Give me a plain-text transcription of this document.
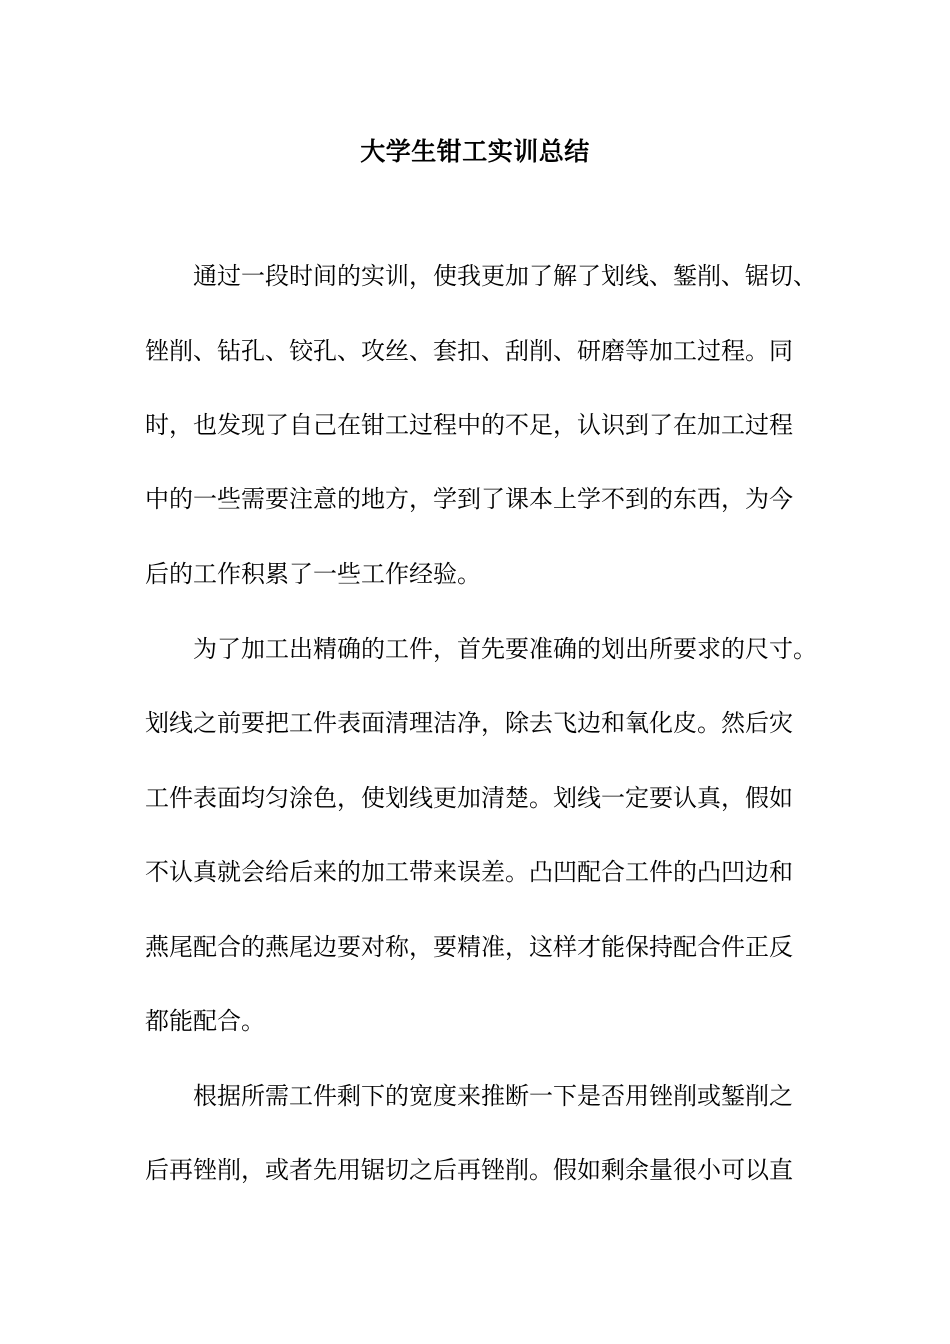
大学生钳工实训总结
通过一段时间的实训，使我更加了解了划线、錾削、锯切、
锉削、钻孔、铰孔、攻丝、套扣、刮削、研磨等加工过程。同
时，也发现了自己在钳工过程中的不足，认识到了在加工过程
中的一些需要注意的地方，学到了课本上学不到的东西，为今
后的工作积累了一些工作经验。
为了加工出精确的工件，首先要准确的划出所要求的尺寸。
划线之前要把工件表面清理洁净，除去飞边和氧化皮。然后灾
工件表面均匀涂色，使划线更加清楚。划线一定要认真，假如
不认真就会给后来的加工带来误差。凸凹配合工件的凸凹边和
燕尾配合的燕尾边要对称，要精准，这样才能保持配合件正反
都能配合。
根据所需工件剩下的宽度来推断一下是否用锉削或錾削之
后再锉削，或者先用锯切之后再锉削。假如剩余量很小可以直
